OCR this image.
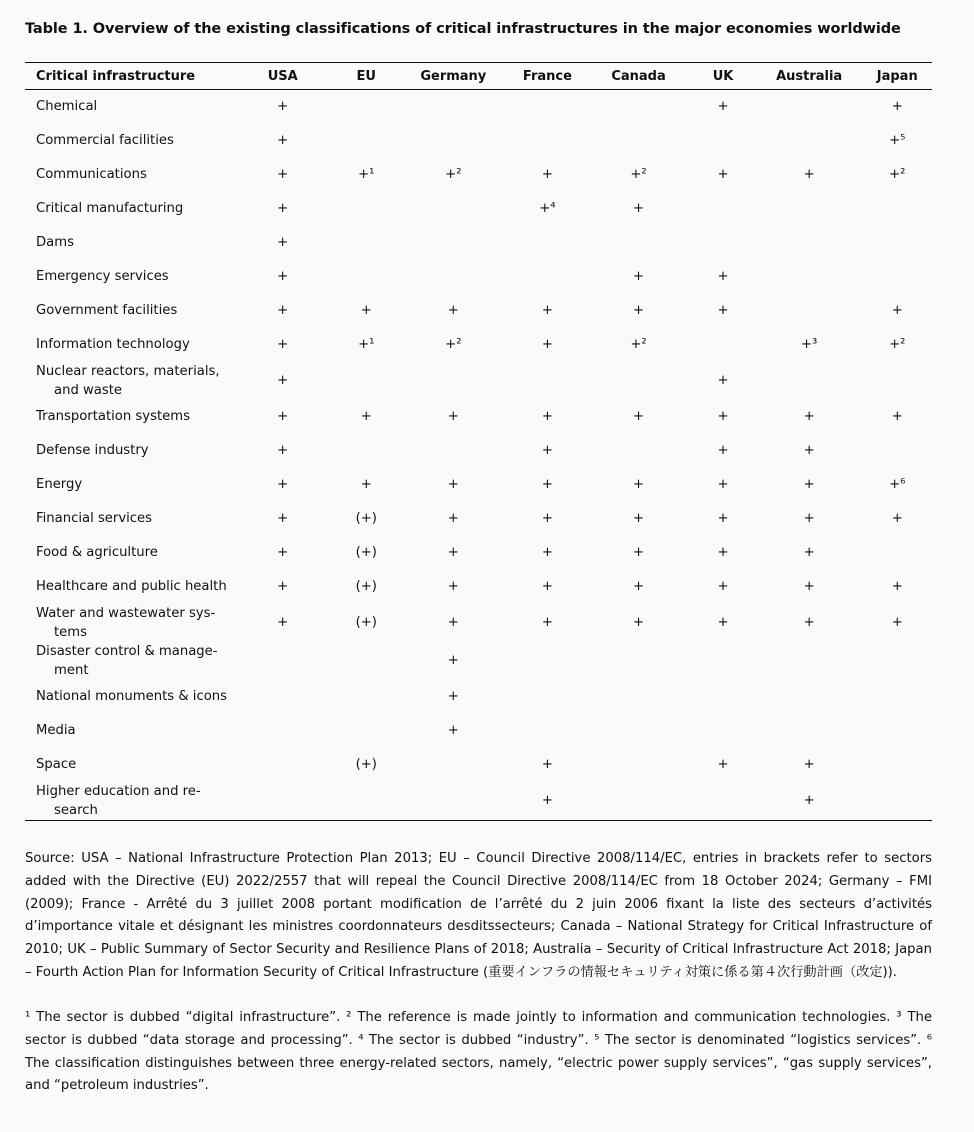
Table 1. Overview of the existing classifications of critical infrastructures in the major economies worldwide
Critical infrastructure	USA	EU	Germany	France	Canada	UK	Australia	Japan

Chemical	+					+		+

Commercial facilities	+							+⁵

Communications	+	+¹	+²	+	+²	+	+	+²

Critical manufacturing	+			+⁴	+			

Dams	+							

Emergency services	+				+	+		

Government facilities	+	+	+	+	+	+		+

Information technology	+	+¹	+²	+	+²		+³	+²

Nuclear reactors, materials,
and waste	+					+		

Transportation systems	+	+	+	+	+	+	+	+

Defense industry	+			+		+	+	

Energy	+	+	+	+	+	+	+	+⁶

Financial services	+	(+)	+	+	+	+	+	+

Food & agriculture	+	(+)	+	+	+	+	+	

Healthcare and public health	+	(+)	+	+	+	+	+	+

Water and wastewater sys-
tems	+	(+)	+	+	+	+	+	+

Disaster control & manage-
ment			+					

National monuments & icons			+					

Media			+					

Space		(+)		+		+	+	

Higher education and re-
search				+			+	
Source: USA – National Infrastructure Protection Plan 2013; EU – Council Directive 2008/114/EC, entries in brackets refer to sectors added with the Directive (EU) 2022/2557 that will repeal the Council Directive 2008/114/EC from 18 October 2024; Germany – FMI (2009); France - Arrêté du 3 juillet 2008 portant modification de l’arrêté du 2 juin 2006 fixant la liste des secteurs d’activités d’importance vitale et désignant les ministres coordonnateurs desditssecteurs; Canada – National Strategy for Critical Infrastructure of 2010; UK – Public Summary of Sector Security and Resilience Plans of 2018; Australia – Security of Critical Infrastructure Act 2018; Japan – Fourth Action Plan for Information Security of Critical Infrastructure (重要インフラの情報セキュリティ対策に係る第４次行動計画（改定)).
¹ The sector is dubbed “digital infrastructure”. ² The reference is made jointly to information and communication technologies. ³ The sector is dubbed “data storage and processing”. ⁴ The sector is dubbed “industry”. ⁵ The sector is denominated “logistics services”. ⁶ The classification distinguishes between three energy-related sectors, namely, “electric power supply services”, “gas supply services”, and “petroleum industries”.
